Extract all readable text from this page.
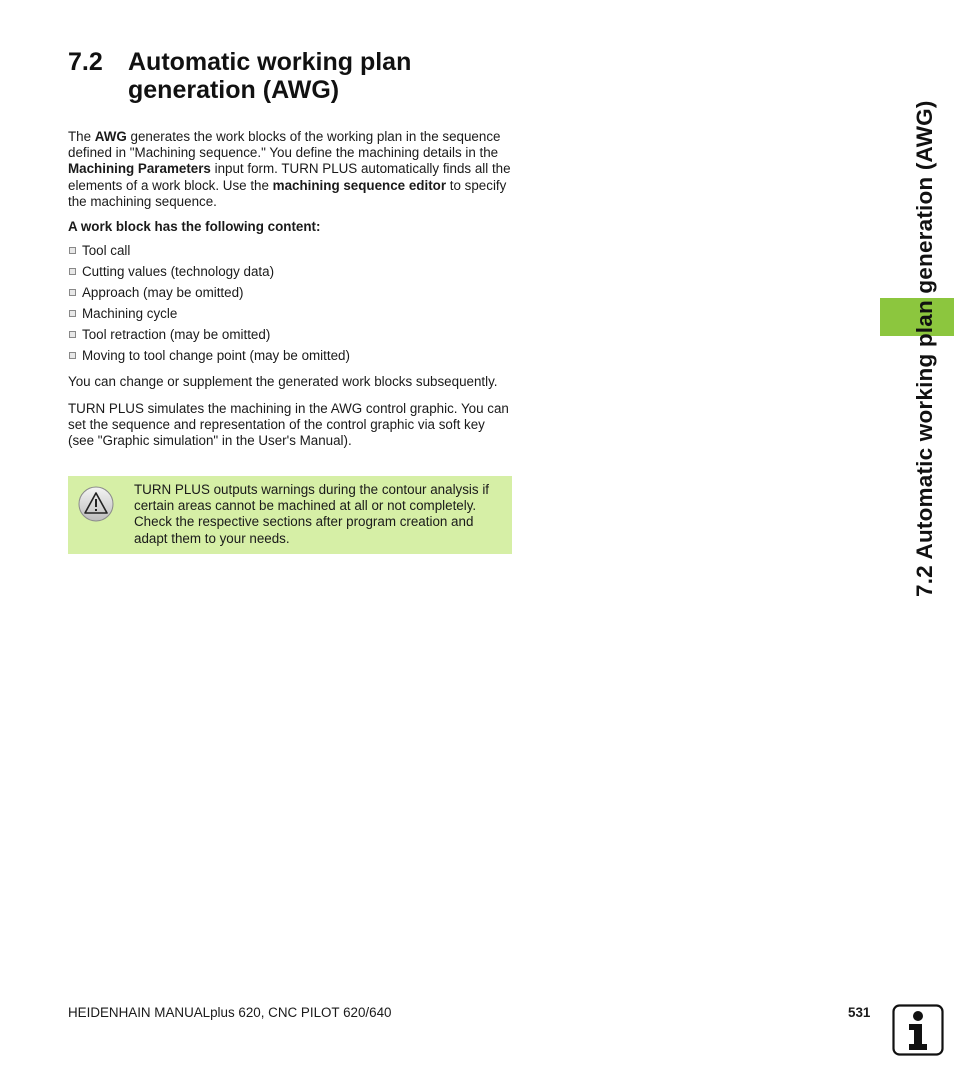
7.2 Automatic working plan generation (AWG)

The AWG generates the work blocks of the working plan in the sequence defined in "Machining sequence." You define the machining details in the Machining Parameters input form. TURN PLUS automatically finds all the elements of a work block. Use the machining sequence editor to specify the machining sequence.

A work block has the following content:

Tool call
Cutting values (technology data)
Approach (may be omitted)
Machining cycle
Tool retraction (may be omitted)
Moving to tool change point (may be omitted)

You can change or supplement the generated work blocks subsequently.

TURN PLUS simulates the machining in the AWG control graphic. You can set the sequence and representation of the control graphic via soft key (see "Graphic simulation" in the User's Manual).

TURN PLUS outputs warnings during the contour analysis if certain areas cannot be machined at all or not completely. Check the respective sections after program creation and adapt them to your needs.	7.2 Automatic working plan generation (AWG)
HEIDENHAIN MANUALplus 620, CNC PILOT 620/640	531
